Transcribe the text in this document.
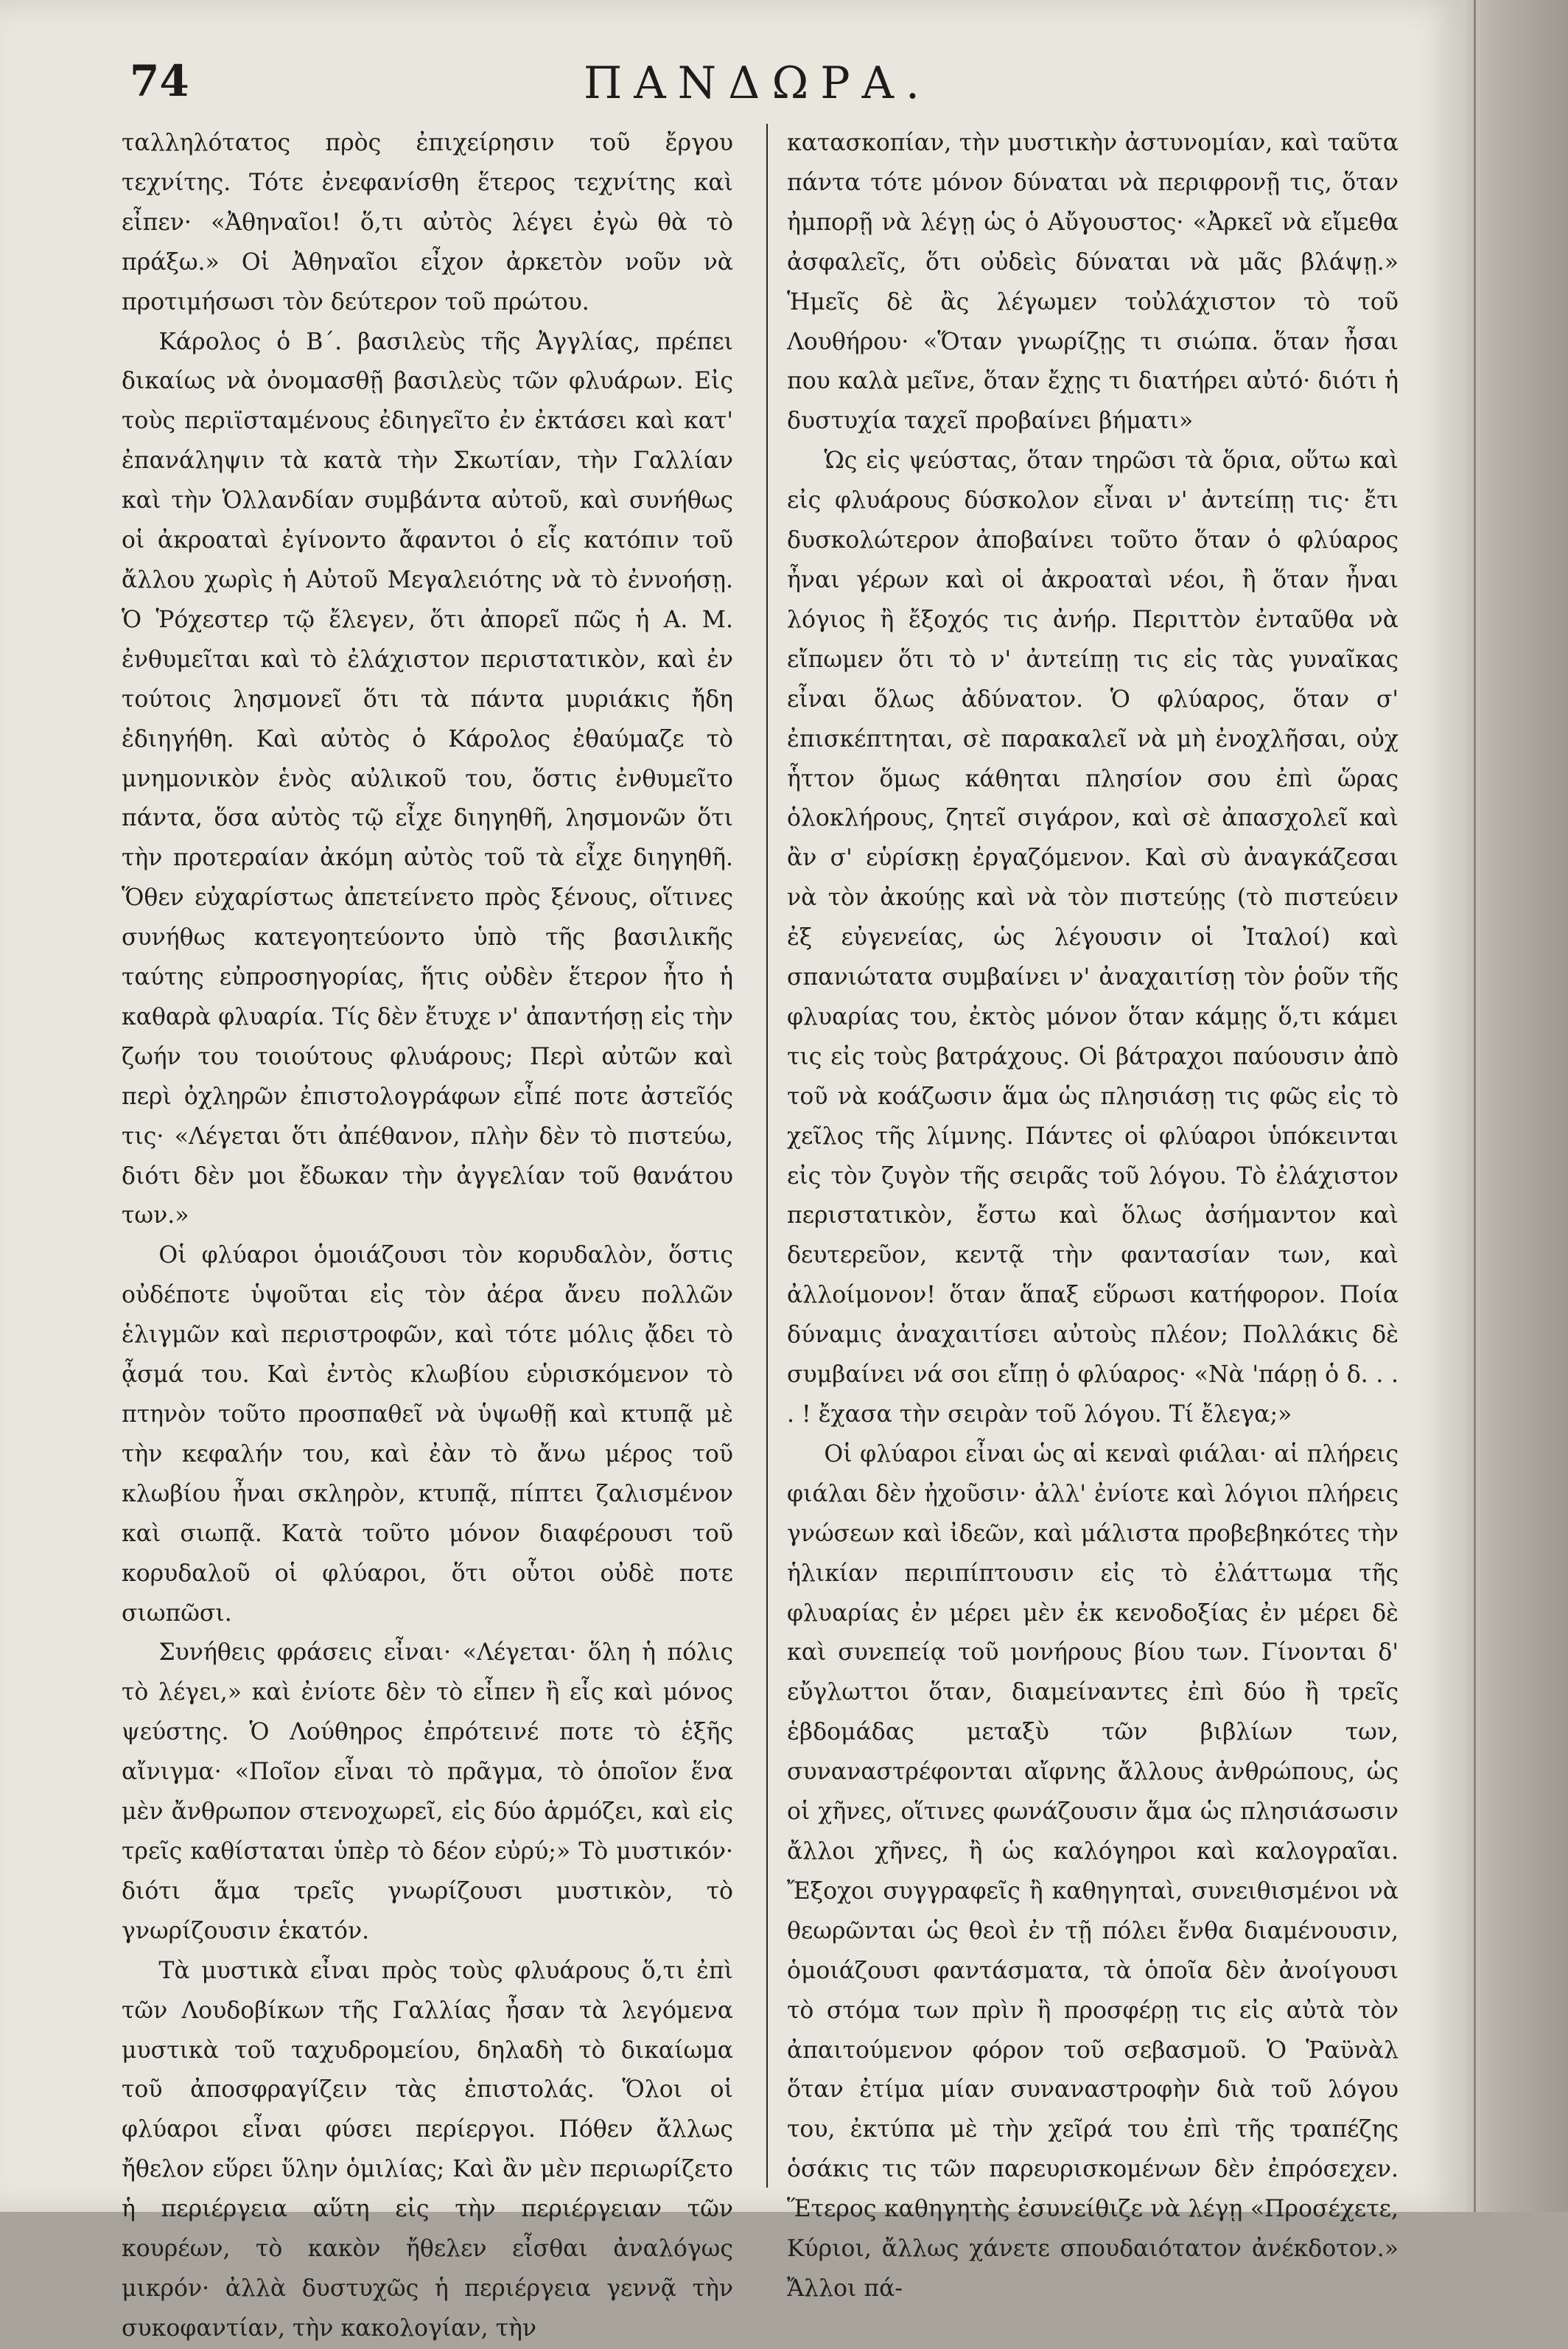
74	ΠΑΝΔΩΡΑ.

ταλληλότατος πρὸς ἐπιχείρησιν τοῦ ἔργου τεχνίτης. Τότε ἐνεφανίσθη ἕτερος τεχνίτης καὶ εἶπεν· «Ἀθηναῖοι! ὅ,τι αὐτὸς λέγει ἐγὼ θὰ τὸ πράξω.» Οἱ Ἀθηναῖοι εἶχον ἀρκετὸν νοῦν νὰ προτιμήσωσι τὸν δεύτερον τοῦ πρώτου.

Κάρολος ὁ Β΄. βασιλεὺς τῆς Ἀγγλίας, πρέπει δικαίως νὰ ὀνομασθῇ βασιλεὺς τῶν φλυάρων. Εἰς τοὺς περιϊσταμένους ἐδιηγεῖτο ἐν ἐκτάσει καὶ κατ' ἐπανάληψιν τὰ κατὰ τὴν Σκωτίαν, τὴν Γαλλίαν καὶ τὴν Ὁλλανδίαν συμβάντα αὐτοῦ, καὶ συνήθως οἱ ἀκροαταὶ ἐγίνοντο ἄφαντοι ὁ εἷς κατόπιν τοῦ ἄλλου χωρὶς ἡ Αὐτοῦ Μεγαλειότης νὰ τὸ ἐννοήσῃ. Ὁ Ῥόχεστερ τῷ ἔλεγεν, ὅτι ἀπορεῖ πῶς ἡ Α. Μ. ἐνθυμεῖται καὶ τὸ ἐλάχιστον περιστατικὸν, καὶ ἐν τούτοις λησμονεῖ ὅτι τὰ πάντα μυριάκις ἤδη ἐδιηγήθη. Καὶ αὐτὸς ὁ Κάρολος ἐθαύμαζε τὸ μνημονικὸν ἑνὸς αὐλικοῦ του, ὅστις ἐνθυμεῖτο πάντα, ὅσα αὐτὸς τῷ εἶχε διηγηθῆ, λησμονῶν ὅτι τὴν προτεραίαν ἀκόμη αὐτὸς τοῦ τὰ εἶχε διηγηθῆ. Ὅθεν εὐχαρίστως ἀπετείνετο πρὸς ξένους, οἵτινες συνήθως κατεγοητεύοντο ὑπὸ τῆς βασιλικῆς ταύτης εὐπροσηγορίας, ἥτις οὐδὲν ἕτερον ἦτο ἡ καθαρὰ φλυαρία. Τίς δὲν ἔτυχε ν' ἀπαντήσῃ εἰς τὴν ζωήν του τοιούτους φλυάρους; Περὶ αὐτῶν καὶ περὶ ὀχληρῶν ἐπιστολογράφων εἶπέ ποτε ἀστεῖός τις· «Λέγεται ὅτι ἀπέθανον, πλὴν δὲν τὸ πιστεύω, διότι δὲν μοι ἔδωκαν τὴν ἀγγελίαν τοῦ θανάτου των.»

Οἱ φλύαροι ὁμοιάζουσι τὸν κορυδαλὸν, ὅστις οὐδέποτε ὑψοῦται εἰς τὸν ἀέρα ἄνευ πολλῶν ἑλιγμῶν καὶ περιστροφῶν, καὶ τότε μόλις ᾄδει τὸ ᾆσμά του. Καὶ ἐντὸς κλωβίου εὑρισκόμενον τὸ πτηνὸν τοῦτο προσπαθεῖ νὰ ὑψωθῇ καὶ κτυπᾷ μὲ τὴν κεφαλήν του, καὶ ἐὰν τὸ ἄνω μέρος τοῦ κλωβίου ἦναι σκληρὸν, κτυπᾷ, πίπτει ζαλισμένον καὶ σιωπᾷ. Κατὰ τοῦτο μόνον διαφέρουσι τοῦ κορυδαλοῦ οἱ φλύαροι, ὅτι οὗτοι οὐδὲ ποτε σιωπῶσι.

Συνήθεις φράσεις εἶναι· «Λέγεται· ὅλη ἡ πόλις τὸ λέγει,» καὶ ἐνίοτε δὲν τὸ εἶπεν ἢ εἷς καὶ μόνος ψεύστης. Ὁ Λούθηρος ἐπρότεινέ ποτε τὸ ἑξῆς αἴνιγμα· «Ποῖον εἶναι τὸ πρᾶγμα, τὸ ὁποῖον ἕνα μὲν ἄνθρωπον στενοχωρεῖ, εἰς δύο ἁρμόζει, καὶ εἰς τρεῖς καθίσταται ὑπὲρ τὸ δέον εὐρύ;» Τὸ μυστικόν· διότι ἅμα τρεῖς γνωρίζουσι μυστικὸν, τὸ γνωρίζουσιν ἑκατόν.

Τὰ μυστικὰ εἶναι πρὸς τοὺς φλυάρους ὅ,τι ἐπὶ τῶν Λουδοβίκων τῆς Γαλλίας ἦσαν τὰ λεγόμενα μυστικὰ τοῦ ταχυδρομείου, δηλαδὴ τὸ δικαίωμα τοῦ ἀποσφραγίζειν τὰς ἐπιστολάς. Ὅλοι οἱ φλύαροι εἶναι φύσει περίεργοι. Πόθεν ἄλλως ἤθελον εὕρει ὕλην ὁμιλίας; Καὶ ἂν μὲν περιωρίζετο ἡ περιέργεια αὕτη εἰς τὴν περιέργειαν τῶν κουρέων, τὸ κακὸν ἤθελεν εἶσθαι ἀναλόγως μικρόν· ἀλλὰ δυστυχῶς ἡ περιέργεια γεννᾷ τὴν συκοφαντίαν, τὴν κακολογίαν, τὴν

κατασκοπίαν, τὴν μυστικὴν ἀστυνομίαν, καὶ ταῦτα πάντα τότε μόνον δύναται νὰ περιφρονῇ τις, ὅταν ἠμπορῇ νὰ λέγῃ ὡς ὁ Αὔγουστος· «Ἀρκεῖ νὰ εἴμεθα ἀσφαλεῖς, ὅτι οὐδεὶς δύναται νὰ μᾶς βλάψῃ.» Ἡμεῖς δὲ ἂς λέγωμεν τοὐλάχιστον τὸ τοῦ Λουθήρου· «Ὅταν γνωρίζῃς τι σιώπα. ὅταν ἦσαι που καλὰ μεῖνε, ὅταν ἔχῃς τι διατήρει αὐτό· διότι ἡ δυστυχία ταχεῖ προβαίνει βήματι»

Ὡς εἰς ψεύστας, ὅταν τηρῶσι τὰ ὅρια, οὕτω καὶ εἰς φλυάρους δύσκολον εἶναι ν' ἀντείπῃ τις· ἔτι δυσκολώτερον ἀποβαίνει τοῦτο ὅταν ὁ φλύαρος ἦναι γέρων καὶ οἱ ἀκροαταὶ νέοι, ἢ ὅταν ἦναι λόγιος ἢ ἔξοχός τις ἀνήρ. Περιττὸν ἐνταῦθα νὰ εἴπωμεν ὅτι τὸ ν' ἀντείπῃ τις εἰς τὰς γυναῖκας εἶναι ὅλως ἀδύνατον. Ὁ φλύαρος, ὅταν σ' ἐπισκέπτηται, σὲ παρακαλεῖ νὰ μὴ ἐνοχλῆσαι, οὐχ ἧττον ὅμως κάθηται πλησίον σου ἐπὶ ὥρας ὁλοκλήρους, ζητεῖ σιγάρον, καὶ σὲ ἀπασχολεῖ καὶ ἂν σ' εὑρίσκῃ ἐργαζόμενον. Καὶ σὺ ἀναγκάζεσαι νὰ τὸν ἀκούῃς καὶ νὰ τὸν πιστεύῃς (τὸ πιστεύειν ἐξ εὐγενείας, ὡς λέγουσιν οἱ Ἰταλοί) καὶ σπανιώτατα συμβαίνει ν' ἀναχαιτίσῃ τὸν ῥοῦν τῆς φλυαρίας του, ἐκτὸς μόνον ὅταν κάμῃς ὅ,τι κάμει τις εἰς τοὺς βατράχους. Οἱ βάτραχοι παύουσιν ἀπὸ τοῦ νὰ κοάζωσιν ἅμα ὡς πλησιάσῃ τις φῶς εἰς τὸ χεῖλος τῆς λίμνης. Πάντες οἱ φλύαροι ὑπόκεινται εἰς τὸν ζυγὸν τῆς σειρᾶς τοῦ λόγου. Τὸ ἐλάχιστον περιστατικὸν, ἔστω καὶ ὅλως ἀσήμαντον καὶ δευτερεῦον, κεντᾷ τὴν φαντασίαν των, καὶ ἀλλοίμονον! ὅταν ἅπαξ εὕρωσι κατήφορον. Ποία δύναμις ἀναχαιτίσει αὐτοὺς πλέον; Πολλάκις δὲ συμβαίνει νά σοι εἴπῃ ὁ φλύαρος· «Νὰ 'πάρῃ ὁ δ. . . . ! ἔχασα τὴν σειρὰν τοῦ λόγου. Τί ἔλεγα;»

Οἱ φλύαροι εἶναι ὡς αἱ κεναὶ φιάλαι· αἱ πλήρεις φιάλαι δὲν ἠχοῦσιν· ἀλλ' ἐνίοτε καὶ λόγιοι πλήρεις γνώσεων καὶ ἰδεῶν, καὶ μάλιστα προβεβηκότες τὴν ἡλικίαν περιπίπτουσιν εἰς τὸ ἐλάττωμα τῆς φλυαρίας ἐν μέρει μὲν ἐκ κενοδοξίας ἐν μέρει δὲ καὶ συνεπείᾳ τοῦ μονήρους βίου των. Γίνονται δ' εὔγλωττοι ὅταν, διαμείναντες ἐπὶ δύο ἢ τρεῖς ἑβδομάδας μεταξὺ τῶν βιβλίων των, συναναστρέφονται αἴφνης ἄλλους ἀνθρώπους, ὡς οἱ χῆνες, οἵτινες φωνάζουσιν ἅμα ὡς πλησιάσωσιν ἄλλοι χῆνες, ἢ ὡς καλόγηροι καὶ καλογραῖαι. Ἔξοχοι συγγραφεῖς ἢ καθηγηταὶ, συνειθισμένοι νὰ θεωρῶνται ὡς θεοὶ ἐν τῇ πόλει ἔνθα διαμένουσιν, ὁμοιάζουσι φαντάσματα, τὰ ὁποῖα δὲν ἀνοίγουσι τὸ στόμα των πρὶν ἢ προσφέρῃ τις εἰς αὐτὰ τὸν ἀπαιτούμενον φόρον τοῦ σεβασμοῦ. Ὁ Ῥαϋνὰλ ὅταν ἐτίμα μίαν συναναστροφὴν διὰ τοῦ λόγου του, ἐκτύπα μὲ τὴν χεῖρά του ἐπὶ τῆς τραπέζης ὁσάκις τις τῶν παρευρισκομένων δὲν ἐπρόσεχεν. Ἕτερος καθηγητὴς ἐσυνείθιζε νὰ λέγῃ «Προσέχετε, Κύριοι, ἄλλως χάνετε σπουδαιότατον ἀνέκδοτον.» Ἄλλοι πά-
